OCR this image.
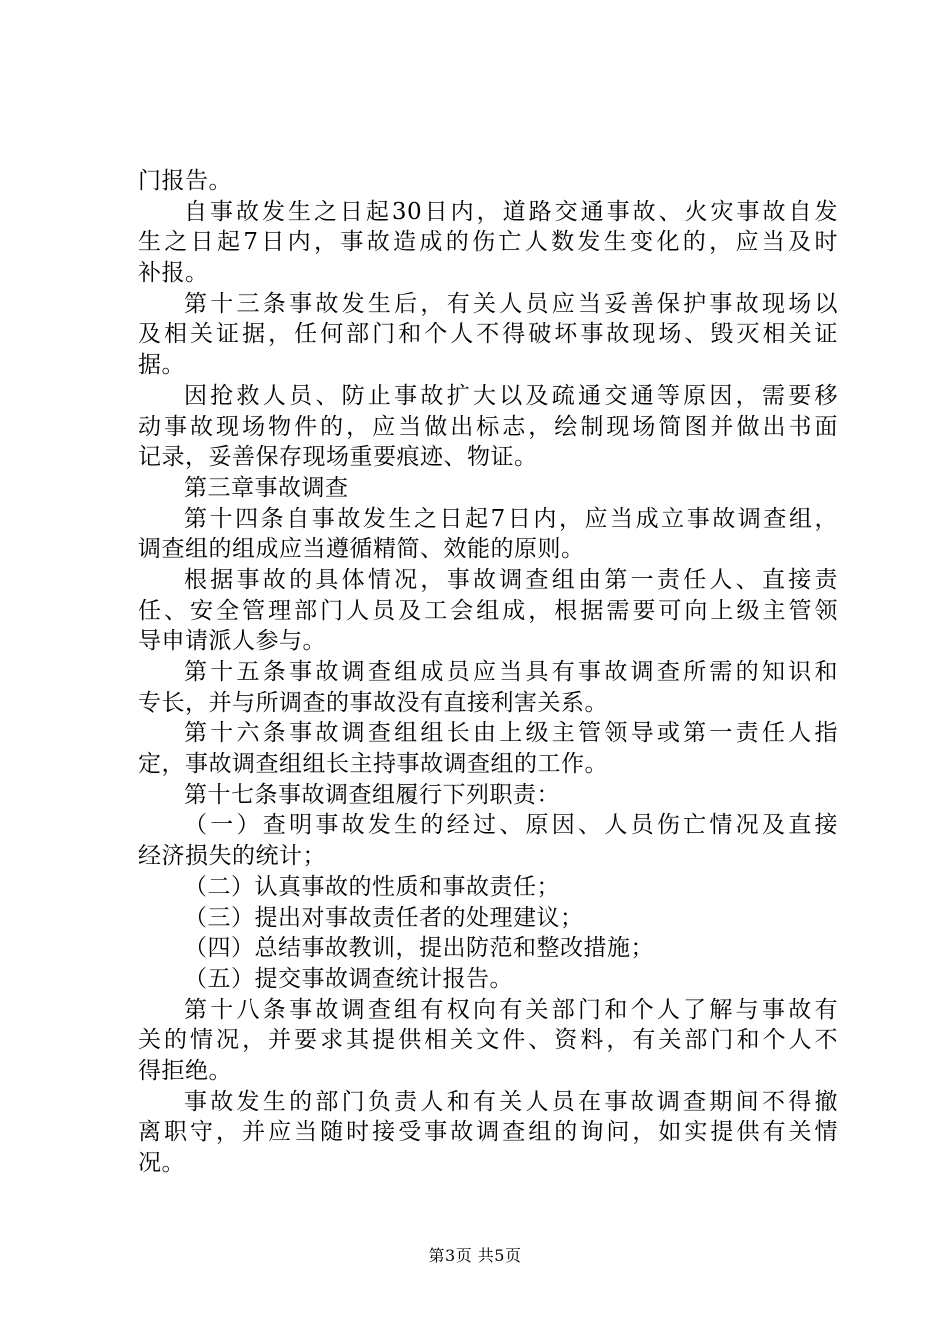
门报告。
自事故发生之日起30日内，道路交通事故、火灾事故自发
生之日起7日内，事故造成的伤亡人数发生变化的，应当及时
补报。
第十三条事故发生后，有关人员应当妥善保护事故现场以
及相关证据，任何部门和个人不得破坏事故现场、毁灭相关证
据。
因抢救人员、防止事故扩大以及疏通交通等原因，需要移
动事故现场物件的，应当做出标志，绘制现场简图并做出书面
记录，妥善保存现场重要痕迹、物证。
第三章事故调查
第十四条自事故发生之日起7日内，应当成立事故调查组，
调查组的组成应当遵循精简、效能的原则。
根据事故的具体情况，事故调查组由第一责任人、直接责
任、安全管理部门人员及工会组成，根据需要可向上级主管领
导申请派人参与。
第十五条事故调查组成员应当具有事故调查所需的知识和
专长，并与所调查的事故没有直接利害关系。
第十六条事故调查组组长由上级主管领导或第一责任人指
定，事故调查组组长主持事故调查组的工作。
第十七条事故调查组履行下列职责：
（一）查明事故发生的经过、原因、人员伤亡情况及直接
经济损失的统计；
（二）认真事故的性质和事故责任；
（三）提出对事故责任者的处理建议；
（四）总结事故教训，提出防范和整改措施；
（五）提交事故调查统计报告。
第十八条事故调查组有权向有关部门和个人了解与事故有
关的情况，并要求其提供相关文件、资料，有关部门和个人不
得拒绝。
事故发生的部门负责人和有关人员在事故调查期间不得撤
离职守，并应当随时接受事故调查组的询问，如实提供有关情
况。
第3页 共5页
